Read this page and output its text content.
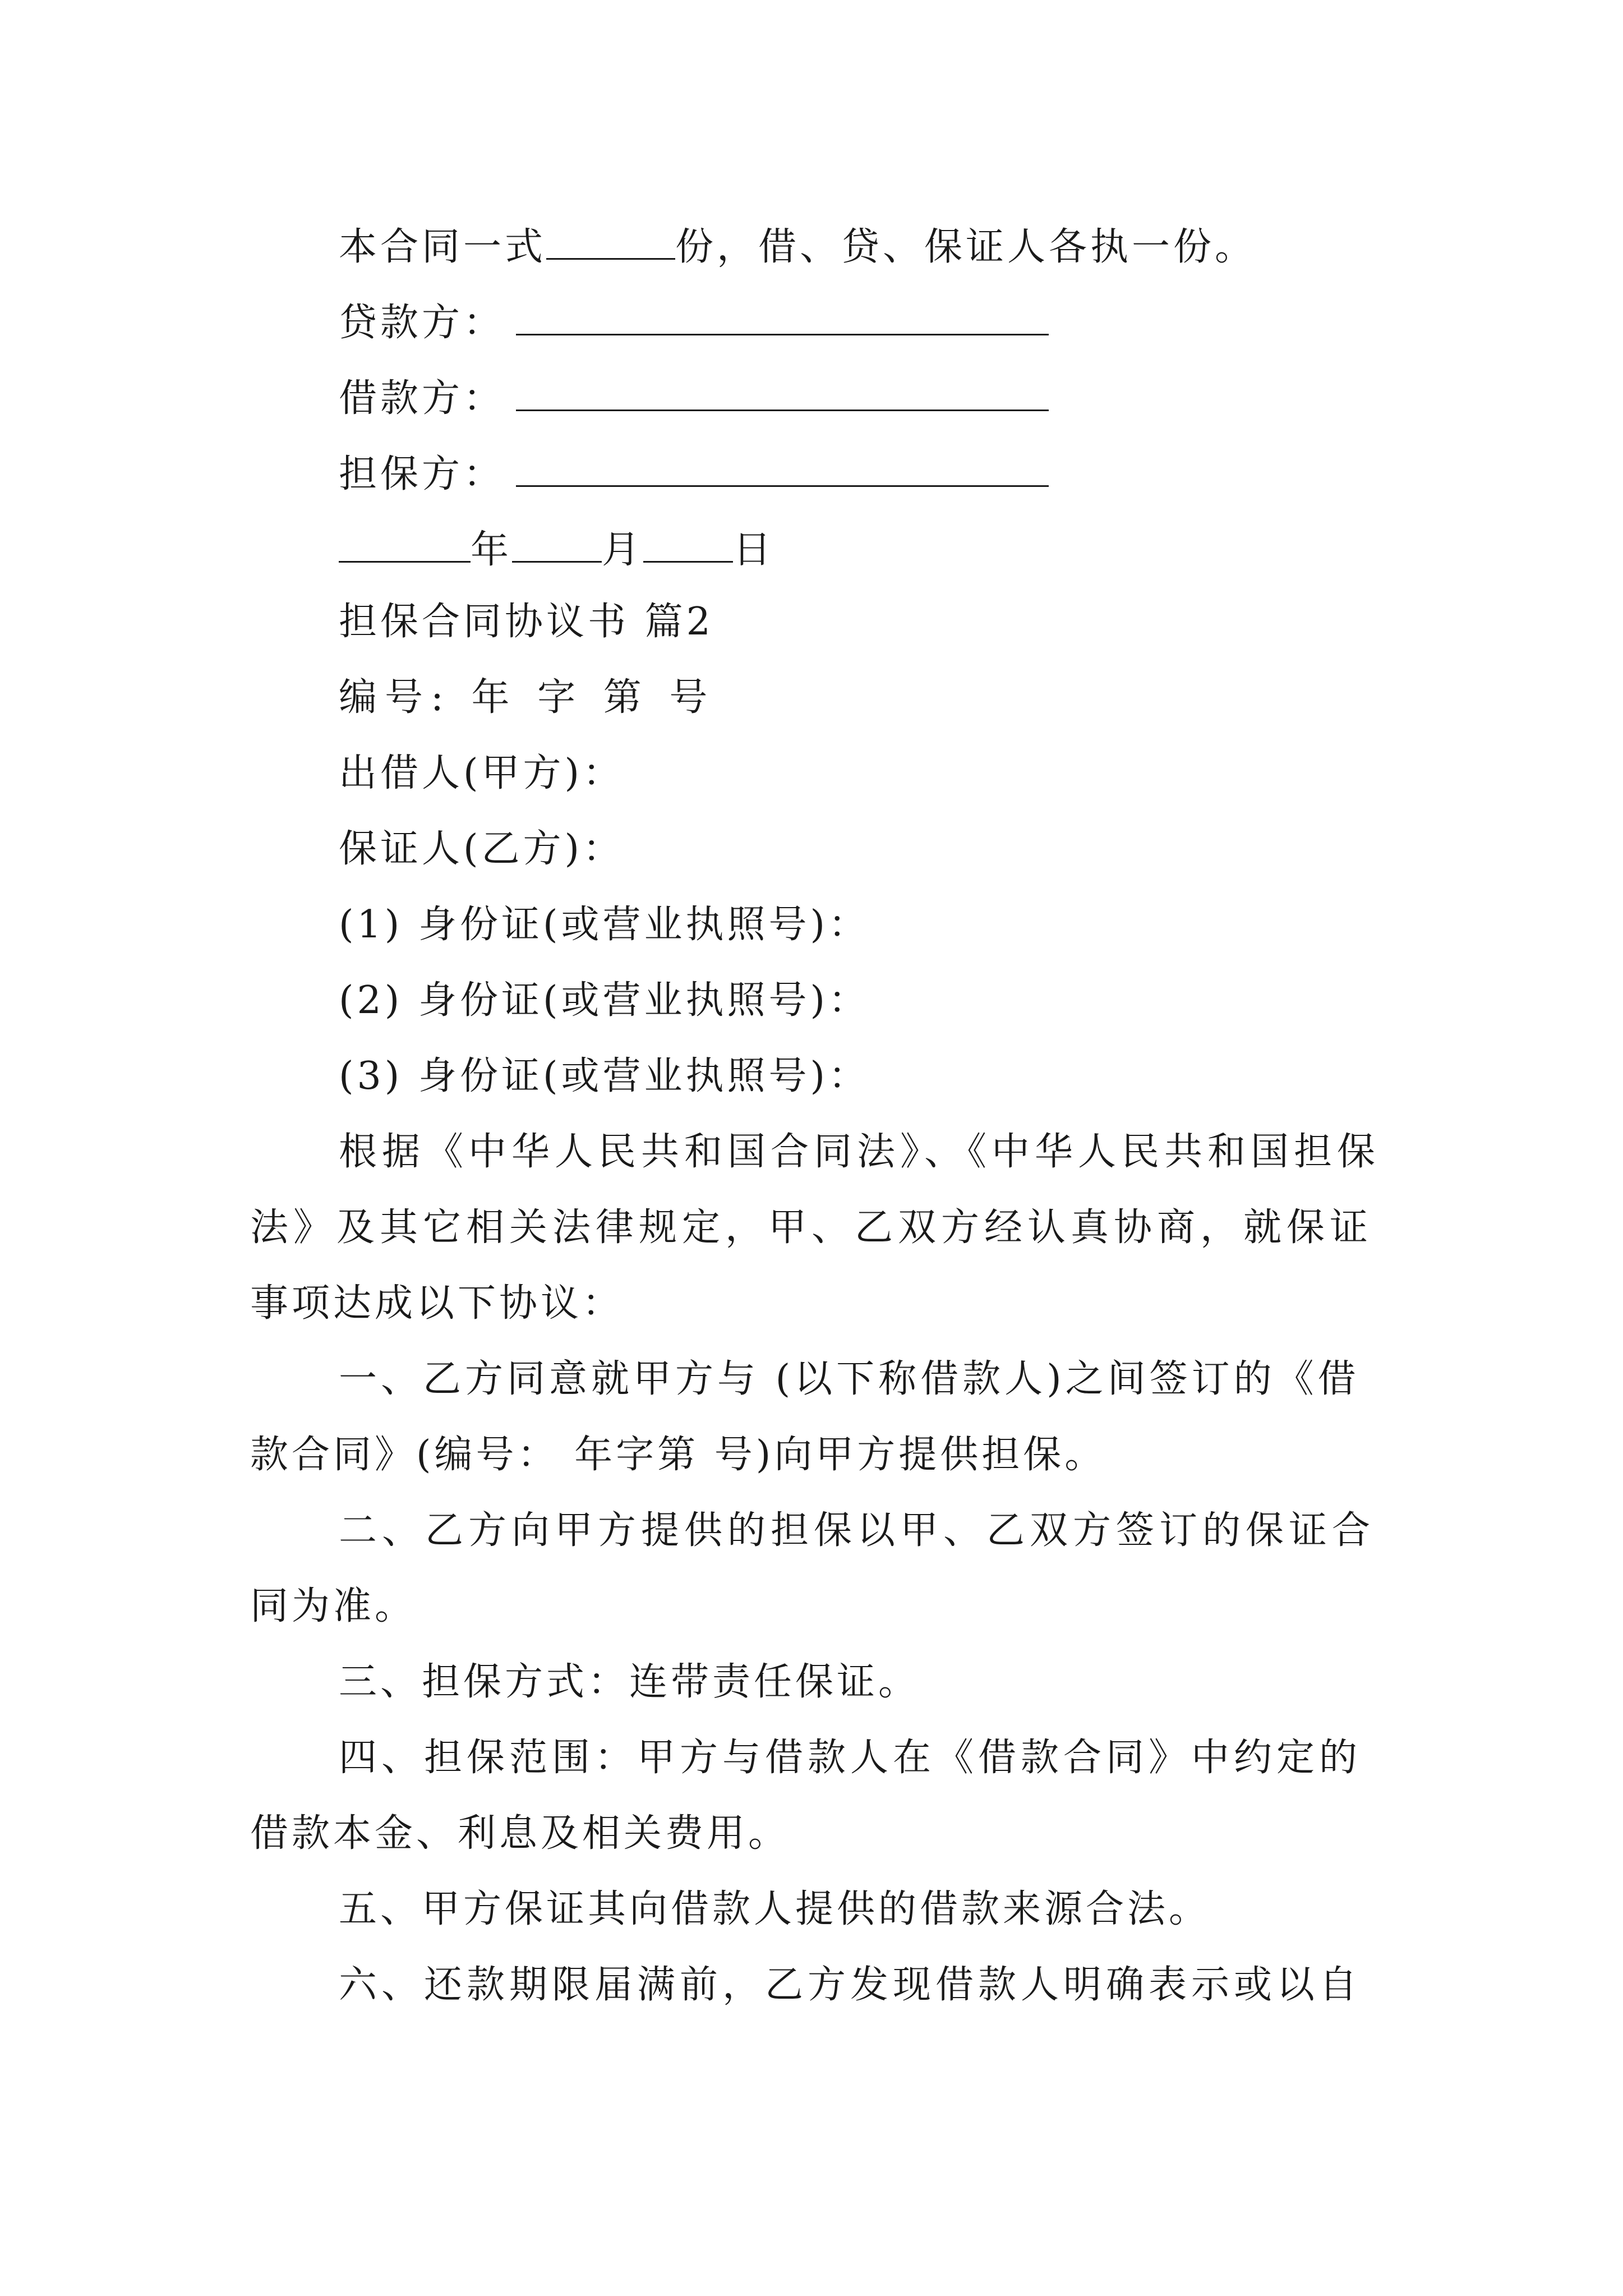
本合同一式	份，借、贷、保证人各执一份。
贷款方：
借款方：
担保方：
年 月 日
担保合同协议书 篇2
编号: 年 字 第 号
出借人(甲方)：
保证人(乙方)：
(1) 身份证(或营业执照号)：
(2) 身份证(或营业执照号)：
(3) 身份证(或营业执照号)：
根据《中华人民共和国合同法》、《中华人民共和国担保
法》及其它相关法律规定，甲、乙双方经认真协商，就保证
事项达成以下协议：
一、乙方同意就甲方与 (以下称借款人)之间签订的《借
款合同》(编号： 年字第 号)向甲方提供担保。
二、乙方向甲方提供的担保以甲、乙双方签订的保证合
同为准。
三、担保方式：连带责任保证。
四、担保范围：甲方与借款人在《借款合同》中约定的
借款本金、利息及相关费用。
五、甲方保证其向借款人提供的借款来源合法。
六、还款期限届满前，乙方发现借款人明确表示或以自
